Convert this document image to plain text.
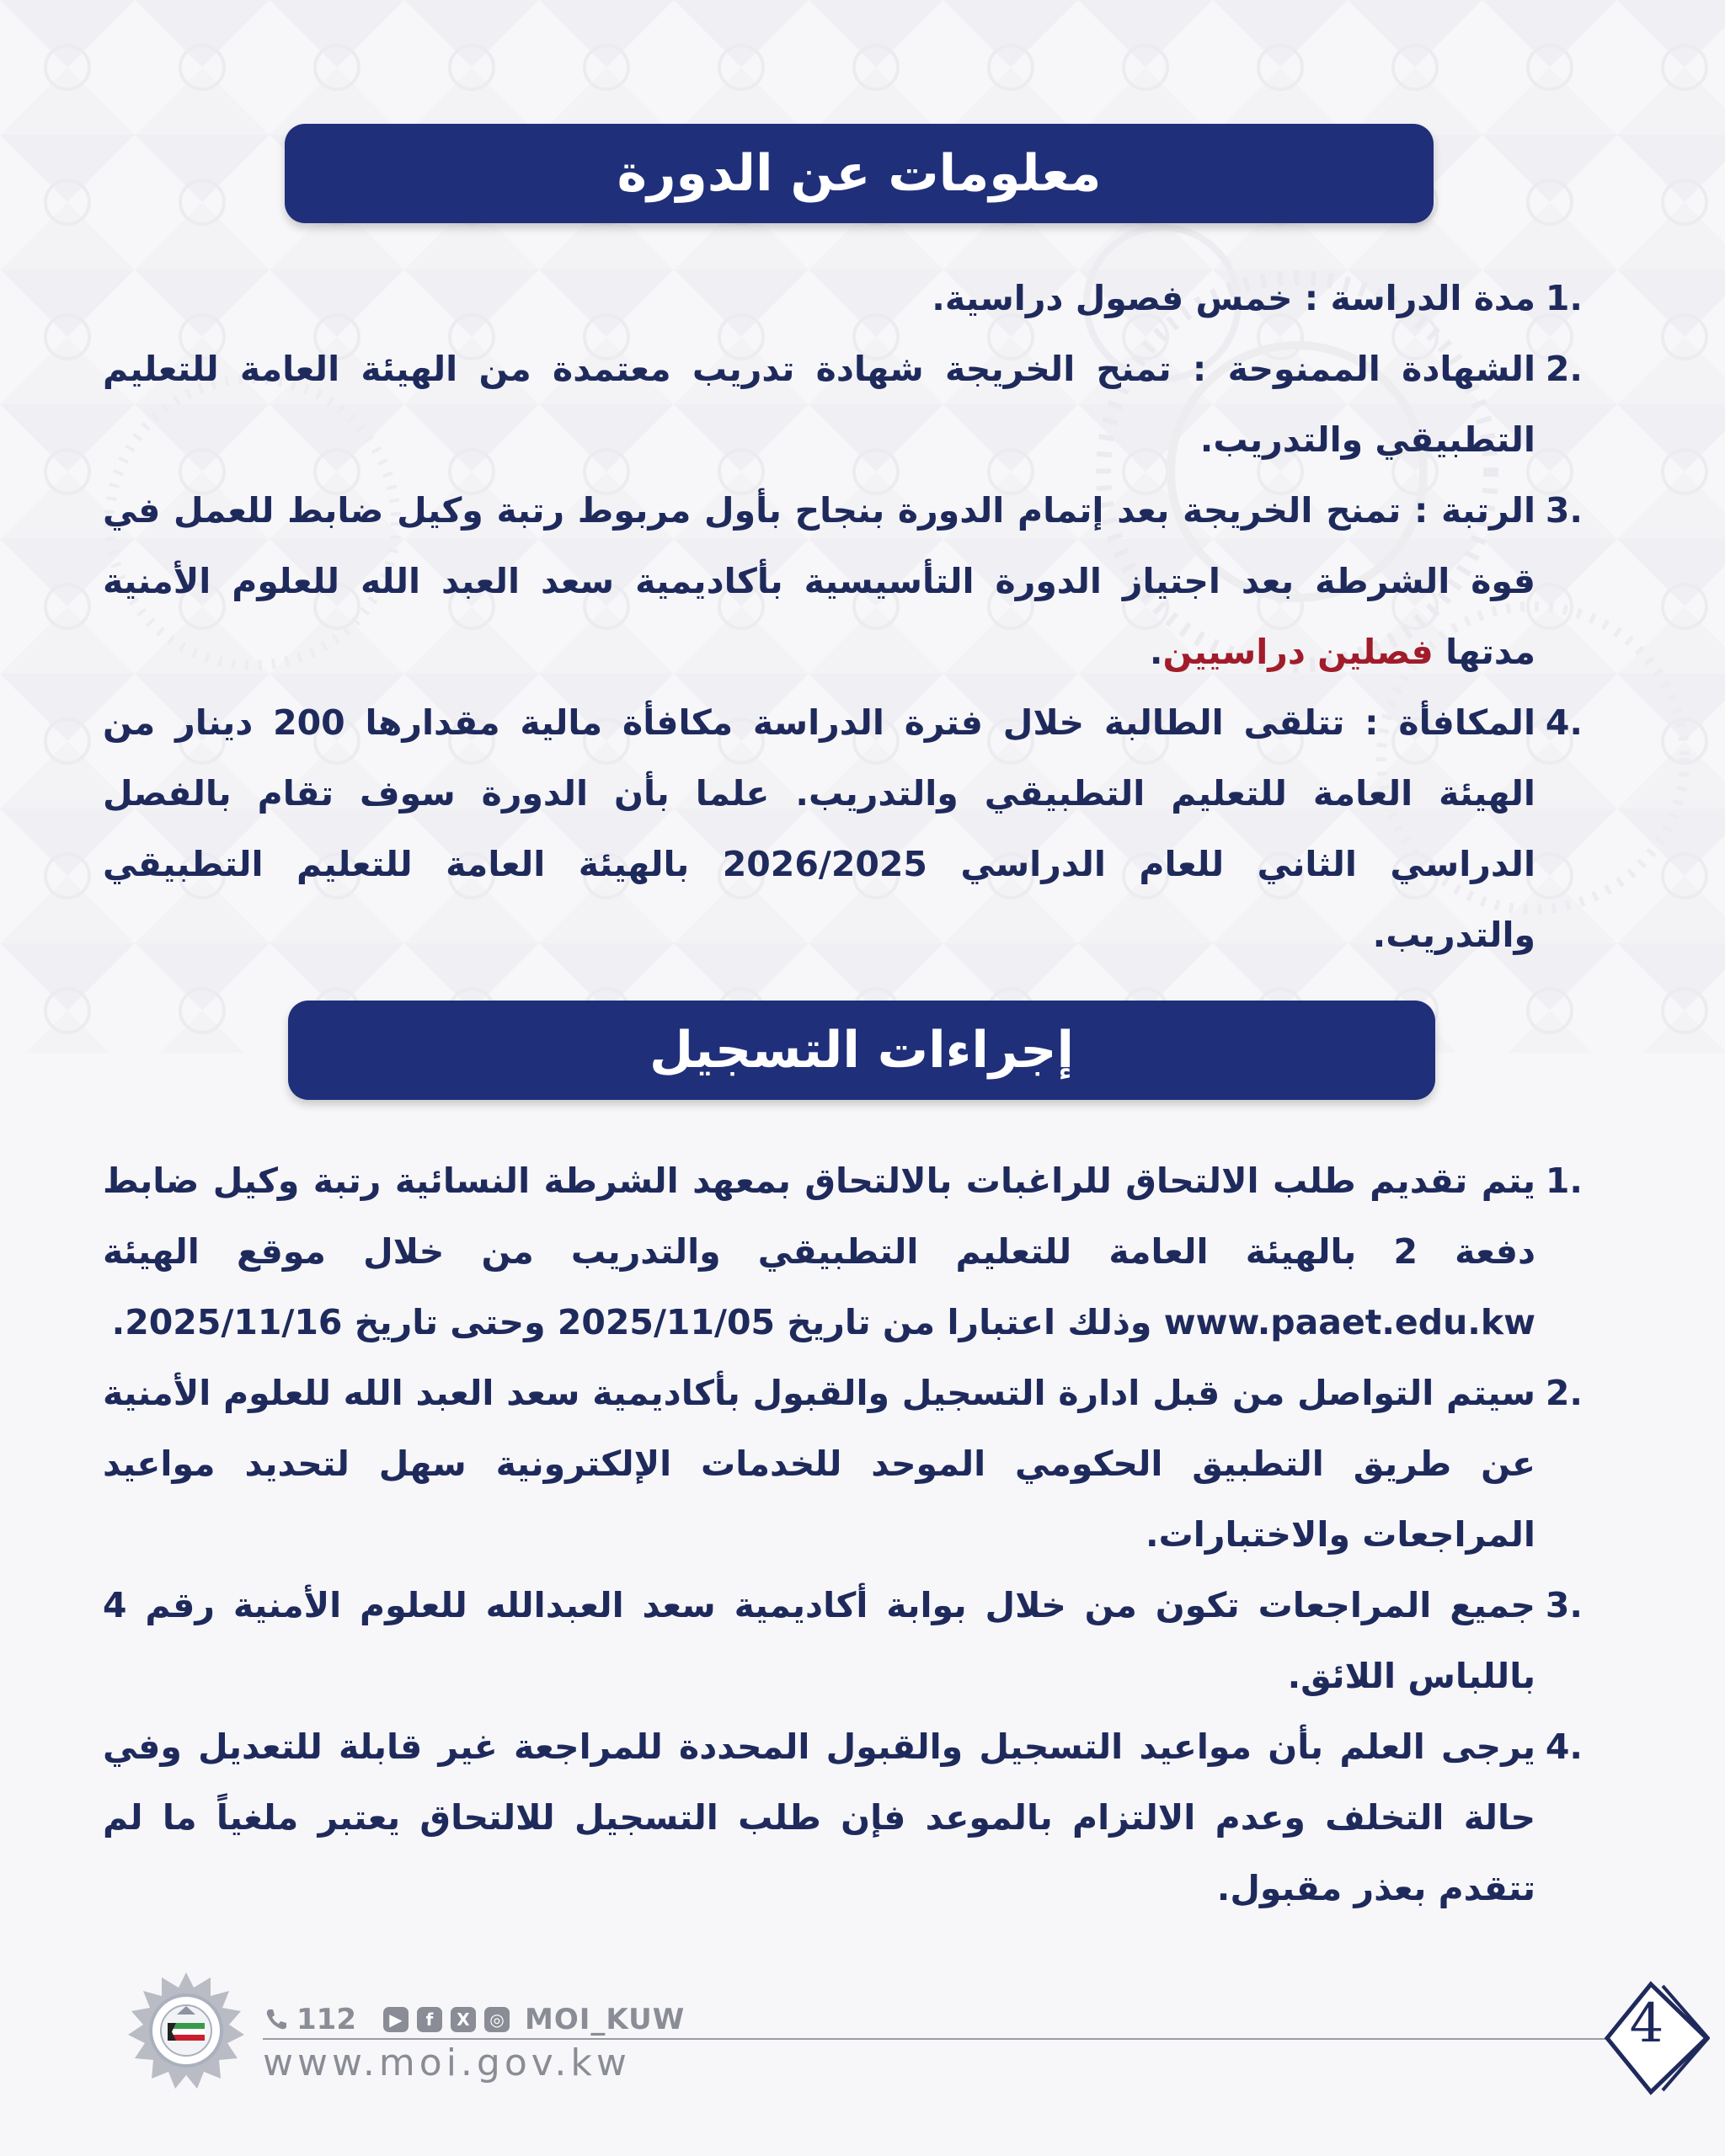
معلومات عن الدورة
1.
مدة الدراسة : خمس فصول دراسية.
2.
الشهادة الممنوحة : تمنح الخريجة شهادة تدريب معتمدة من الهيئة العامة للتعليم التطبيقي والتدريب.
3.
الرتبة : تمنح الخريجة بعد إتمام الدورة بنجاح بأول مربوط رتبة وكيل ضابط للعمل في قوة الشرطة بعد اجتياز الدورة التأسيسية بأكاديمية سعد العبد الله للعلوم الأمنية مدتها فصلين دراسيين.
4.
المكافأة : تتلقى الطالبة خلال فترة الدراسة مكافأة مالية مقدارها 200 دينار من الهيئة العامة للتعليم التطبيقي والتدريب. علما بأن الدورة سوف تقام بالفصل الدراسي الثاني للعام الدراسي 2026/2025 بالهيئة العامة للتعليم التطبيقي والتدريب.
إجراءات التسجيل
1.
يتم تقديم طلب الالتحاق للراغبات بالالتحاق بمعهد الشرطة النسائية رتبة وكيل ضابط دفعة 2 بالهيئة العامة للتعليم التطبيقي والتدريب من خلال موقع الهيئة www.paaet.edu.kw وذلك اعتبارا من تاريخ 2025/11/05 وحتى تاريخ 2025/11/16.
2.
سيتم التواصل من قبل ادارة التسجيل والقبول بأكاديمية سعد العبد الله للعلوم الأمنية عن طريق التطبيق الحكومي الموحد للخدمات الإلكترونية سهل لتحديد مواعيد المراجعات والاختبارات.
3.
جميع المراجعات تكون من خلال بوابة أكاديمية سعد العبدالله للعلوم الأمنية رقم 4 باللباس اللائق.
4.
يرجى العلم بأن مواعيد التسجيل والقبول المحددة للمراجعة غير قابلة للتعديل وفي حالة التخلف وعدم الالتزام بالموعد فإن طلب التسجيل للالتحاق يعتبر ملغياً ما لم تتقدم بعذر مقبول.
112	▶	f	X	◎ MOI_KUW
www.moi.gov.kw
4
